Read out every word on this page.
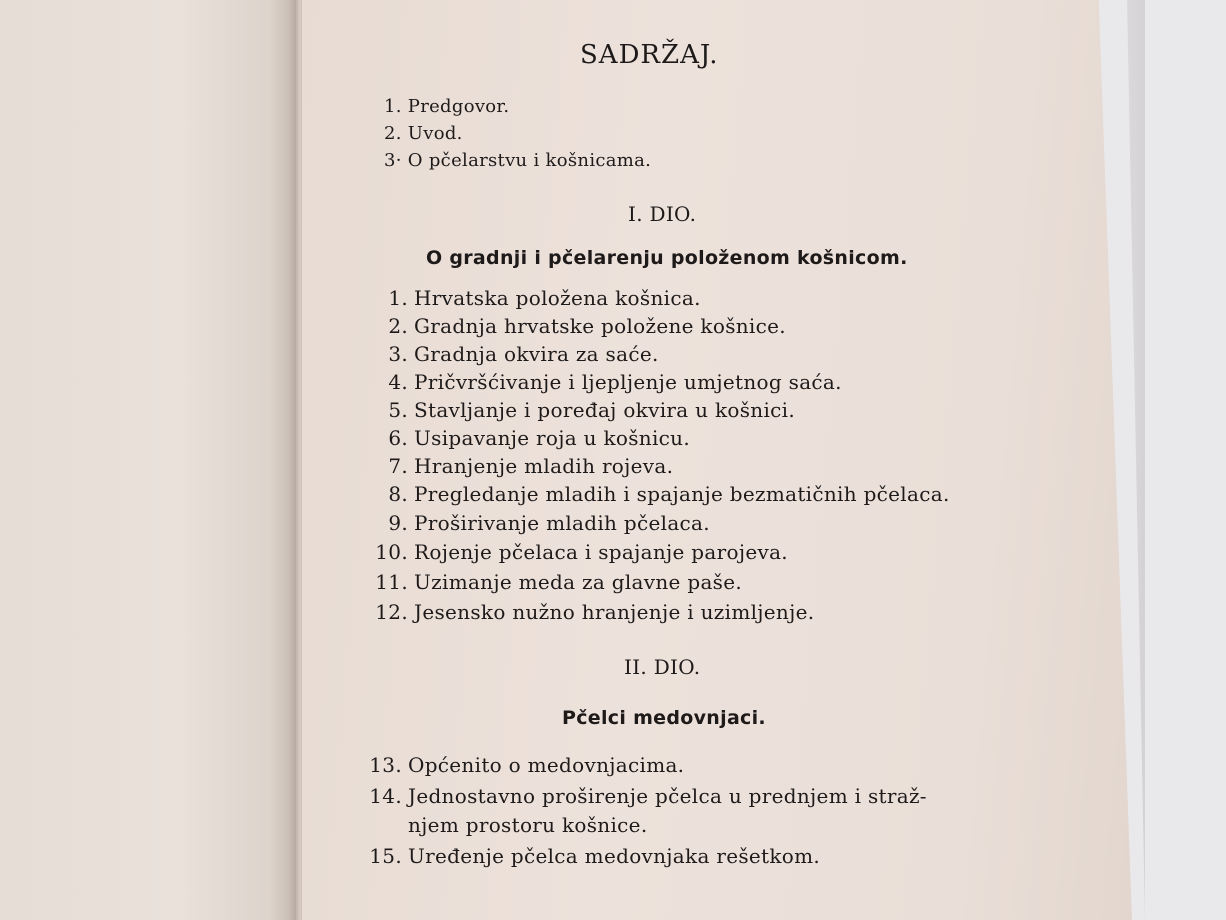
SADRŽAJ.
1. Predgovor.
2. Uvod.
3· O pčelarstvu i košnicama.
I. DIO.
O gradnji i pčelarenju položenom košnicom.
1. Hrvatska položena košnica.
2. Gradnja hrvatske položene košnice.
3. Gradnja okvira za saće.
4. Pričvršćivanje i ljepljenje umjetnog saća.
5. Stavljanje i poređaj okvira u košnici.
6. Usipavanje roja u košnicu.
7. Hranjenje mladih rojeva.
8. Pregledanje mladih i spajanje bezmatičnih pčelaca.
9. Proširivanje mladih pčelaca.
10. Rojenje pčelaca i spajanje parojeva.
11. Uzimanje meda za glavne paše.
12. Jesensko nužno hranjenje i uzimljenje.
II. DIO.
Pčelci medovnjaci.
13. Općenito o medovnjacima.
14. Jednostavno proširenje pčelca u prednjem i straž-
njem prostoru košnice.
15. Uređenje pčelca medovnjaka rešetkom.
